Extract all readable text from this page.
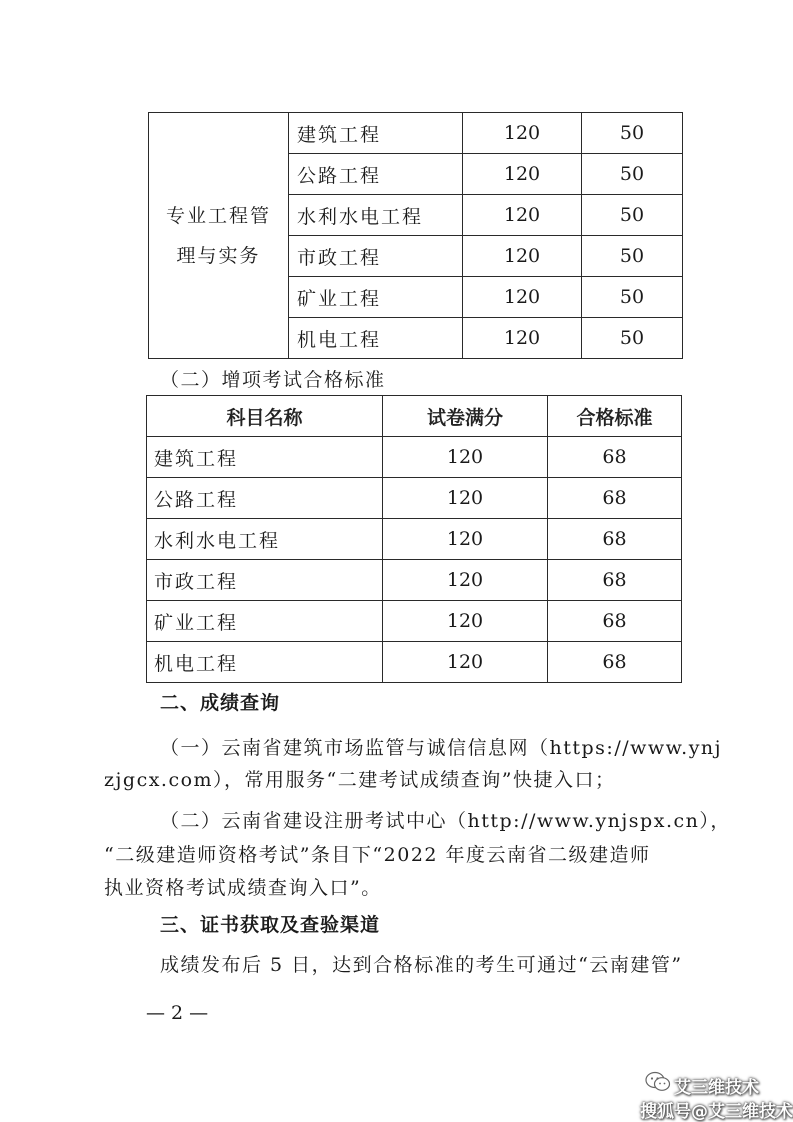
专业工程管
理与实务	建筑工程	120	50
	公路工程	120	50
	水利水电工程	120	50
	市政工程	120	50
	矿业工程	120	50
	机电工程	120	50
（二）增项考试合格标准
科目名称	试卷满分	合格标准
建筑工程	120	68
公路工程	120	68
水利水电工程	120	68
市政工程	120	68
矿业工程	120	68
机电工程	120	68
二、成绩查询
（一）云南省建筑市场监管与诚信信息网（https://www.ynj
zjgcx.com），常用服务“二建考试成绩查询”快捷入口；
（二）云南省建设注册考试中心（http://www.ynjspx.cn），
“二级建造师资格考试”条目下“2022 年度云南省二级建造师
执业资格考试成绩查询入口”。
三、证书获取及查验渠道
成绩发布后 5 日，达到合格标准的考生可通过“云南建管”
— 2 —
艾三维技术
搜狐号@艾三维技术
